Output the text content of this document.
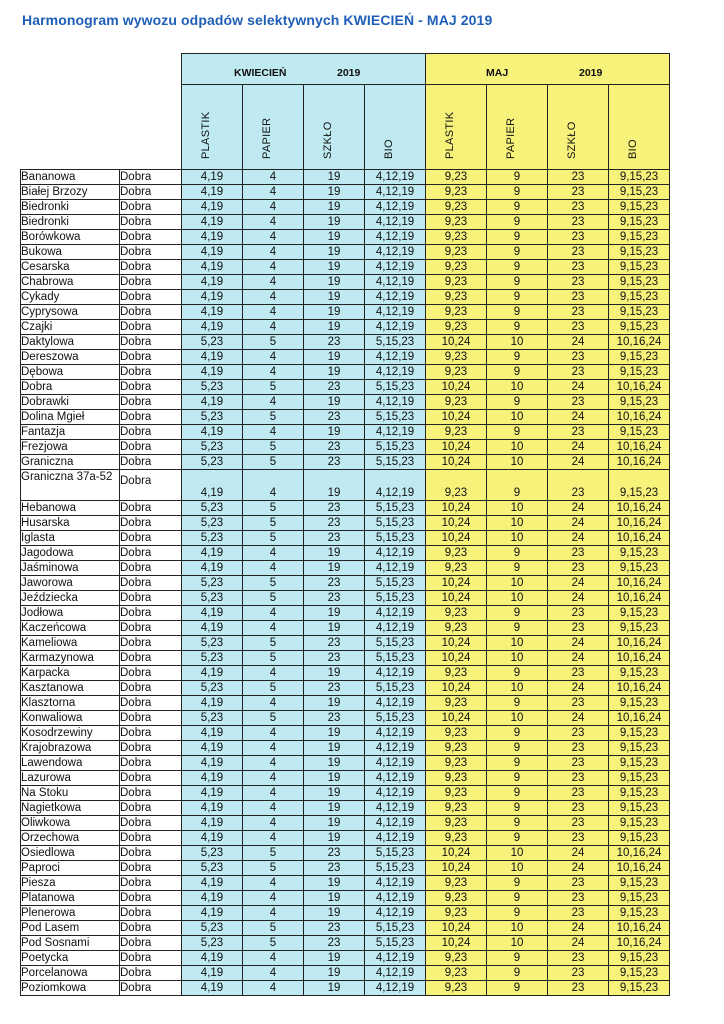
Harmonogram wywozu odpadów selektywnych KWIECIEŃ - MAJ 2019

		KWIECIEŃ 2019				MAJ 2019			

		PLASTIK	PAPIER	SZKŁO	BIO	PLASTIK	PAPIER	SZKŁO	BIO

Bananowa	Dobra	4,19	4	19	4,12,19	9,23	9	23	9,15,23
Białej Brzozy	Dobra	4,19	4	19	4,12,19	9,23	9	23	9,15,23
Biedronki	Dobra	4,19	4	19	4,12,19	9,23	9	23	9,15,23
Biedronki	Dobra	4,19	4	19	4,12,19	9,23	9	23	9,15,23
Borówkowa	Dobra	4,19	4	19	4,12,19	9,23	9	23	9,15,23
Bukowa	Dobra	4,19	4	19	4,12,19	9,23	9	23	9,15,23
Cesarska	Dobra	4,19	4	19	4,12,19	9,23	9	23	9,15,23
Chabrowa	Dobra	4,19	4	19	4,12,19	9,23	9	23	9,15,23
Cykady	Dobra	4,19	4	19	4,12,19	9,23	9	23	9,15,23
Cyprysowa	Dobra	4,19	4	19	4,12,19	9,23	9	23	9,15,23
Czajki	Dobra	4,19	4	19	4,12,19	9,23	9	23	9,15,23
Daktylowa	Dobra	5,23	5	23	5,15,23	10,24	10	24	10,16,24
Dereszowa	Dobra	4,19	4	19	4,12,19	9,23	9	23	9,15,23
Dębowa	Dobra	4,19	4	19	4,12,19	9,23	9	23	9,15,23
Dobra	Dobra	5,23	5	23	5,15,23	10,24	10	24	10,16,24
Dobrawki	Dobra	4,19	4	19	4,12,19	9,23	9	23	9,15,23
Dolina Mgieł	Dobra	5,23	5	23	5,15,23	10,24	10	24	10,16,24
Fantazja	Dobra	4,19	4	19	4,12,19	9,23	9	23	9,15,23
Frezjowa	Dobra	5,23	5	23	5,15,23	10,24	10	24	10,16,24
Graniczna	Dobra	5,23	5	23	5,15,23	10,24	10	24	10,16,24
Graniczna 37a-52	Dobra	4,19	4	19	4,12,19	9,23	9	23	9,15,23
Hebanowa	Dobra	5,23	5	23	5,15,23	10,24	10	24	10,16,24
Husarska	Dobra	5,23	5	23	5,15,23	10,24	10	24	10,16,24
Iglasta	Dobra	5,23	5	23	5,15,23	10,24	10	24	10,16,24
Jagodowa	Dobra	4,19	4	19	4,12,19	9,23	9	23	9,15,23
Jaśminowa	Dobra	4,19	4	19	4,12,19	9,23	9	23	9,15,23
Jaworowa	Dobra	5,23	5	23	5,15,23	10,24	10	24	10,16,24
Jeździecka	Dobra	5,23	5	23	5,15,23	10,24	10	24	10,16,24
Jodłowa	Dobra	4,19	4	19	4,12,19	9,23	9	23	9,15,23
Kaczeńcowa	Dobra	4,19	4	19	4,12,19	9,23	9	23	9,15,23
Kameliowa	Dobra	5,23	5	23	5,15,23	10,24	10	24	10,16,24
Karmazynowa	Dobra	5,23	5	23	5,15,23	10,24	10	24	10,16,24
Karpacka	Dobra	4,19	4	19	4,12,19	9,23	9	23	9,15,23
Kasztanowa	Dobra	5,23	5	23	5,15,23	10,24	10	24	10,16,24
Klasztorna	Dobra	4,19	4	19	4,12,19	9,23	9	23	9,15,23
Konwaliowa	Dobra	5,23	5	23	5,15,23	10,24	10	24	10,16,24
Kosodrzewiny	Dobra	4,19	4	19	4,12,19	9,23	9	23	9,15,23
Krajobrazowa	Dobra	4,19	4	19	4,12,19	9,23	9	23	9,15,23
Lawendowa	Dobra	4,19	4	19	4,12,19	9,23	9	23	9,15,23
Lazurowa	Dobra	4,19	4	19	4,12,19	9,23	9	23	9,15,23
Na Stoku	Dobra	4,19	4	19	4,12,19	9,23	9	23	9,15,23
Nagietkowa	Dobra	4,19	4	19	4,12,19	9,23	9	23	9,15,23
Oliwkowa	Dobra	4,19	4	19	4,12,19	9,23	9	23	9,15,23
Orzechowa	Dobra	4,19	4	19	4,12,19	9,23	9	23	9,15,23
Osiedlowa	Dobra	5,23	5	23	5,15,23	10,24	10	24	10,16,24
Paproci	Dobra	5,23	5	23	5,15,23	10,24	10	24	10,16,24
Piesza	Dobra	4,19	4	19	4,12,19	9,23	9	23	9,15,23
Platanowa	Dobra	4,19	4	19	4,12,19	9,23	9	23	9,15,23
Plenerowa	Dobra	4,19	4	19	4,12,19	9,23	9	23	9,15,23
Pod Lasem	Dobra	5,23	5	23	5,15,23	10,24	10	24	10,16,24
Pod Sosnami	Dobra	5,23	5	23	5,15,23	10,24	10	24	10,16,24
Poetycka	Dobra	4,19	4	19	4,12,19	9,23	9	23	9,15,23
Porcelanowa	Dobra	4,19	4	19	4,12,19	9,23	9	23	9,15,23
Poziomkowa	Dobra	4,19	4	19	4,12,19	9,23	9	23	9,15,23
